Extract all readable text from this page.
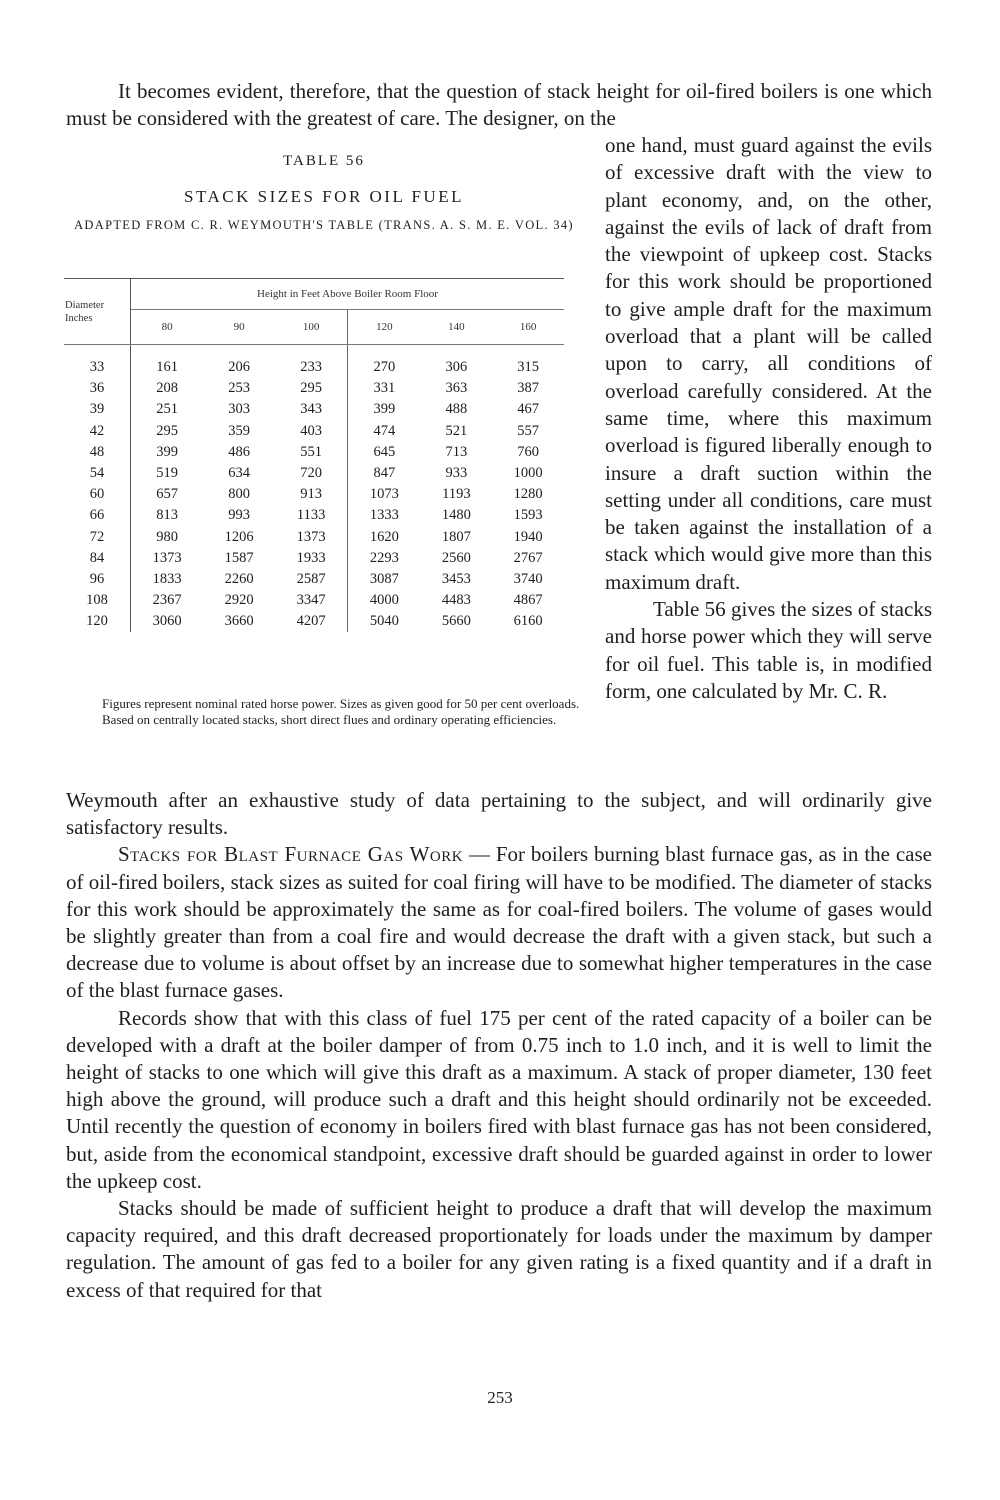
It becomes evident, therefore, that the question of stack height for oil-fired boilers is one which must be considered with the greatest of care. The designer, on the

one hand, must guard against the evils of excessive draft with the view to plant economy, and, on the other, against the evils of lack of draft from the viewpoint of upkeep cost. Stacks for this work should be proportioned to give ample draft for the maximum overload that a plant will be called upon to carry, all conditions of overload carefully considered. At the same time, where this maximum overload is figured liberally enough to insure a draft suction within the setting under all conditions, care must be taken against the installation of a stack which would give more than this maximum draft.
Table 56 gives the sizes of stacks and horse power which they will serve for oil fuel. This table is, in modified form, one calculated by Mr. C. R.

TABLE 56

STACK SIZES FOR OIL FUEL

ADAPTED FROM C. R. WEYMOUTH'S TABLE (TRANS. A. S. M. E. VOL. 34)

Diameter Inches	Height in Feet Above Boiler Room Floor					
	80	90	100	120	140	160
33	161	206	233	270	306	315
36	208	253	295	331	363	387
39	251	303	343	399	488	467
42	295	359	403	474	521	557
48	399	486	551	645	713	760
54	519	634	720	847	933	1000
60	657	800	913	1073	1193	1280
66	813	993	1133	1333	1480	1593
72	980	1206	1373	1620	1807	1940
84	1373	1587	1933	2293	2560	2767
96	1833	2260	2587	3087	3453	3740
108	2367	2920	3347	4000	4483	4867
120	3060	3660	4207	5040	5660	6160

Figures represent nominal rated horse power. Sizes as given good for 50 per cent overloads.

Based on centrally located stacks, short direct flues and ordinary operating efficiencies.

Weymouth after an exhaustive study of data pertaining to the subject, and will ordinarily give satisfactory results.

Stacks for Blast Furnace Gas Work — For boilers burning blast furnace gas, as in the case of oil-fired boilers, stack sizes as suited for coal firing will have to be modified. The diameter of stacks for this work should be approximately the same as for coal-fired boilers. The volume of gases would be slightly greater than from a coal fire and would decrease the draft with a given stack, but such a decrease due to volume is about offset by an increase due to somewhat higher temperatures in the case of the blast furnace gases.

Records show that with this class of fuel 175 per cent of the rated capacity of a boiler can be developed with a draft at the boiler damper of from 0.75 inch to 1.0 inch, and it is well to limit the height of stacks to one which will give this draft as a maximum. A stack of proper diameter, 130 feet high above the ground, will produce such a draft and this height should ordinarily not be exceeded. Until recently the question of economy in boilers fired with blast furnace gas has not been considered, but, aside from the economical standpoint, excessive draft should be guarded against in order to lower the upkeep cost.

Stacks should be made of sufficient height to produce a draft that will develop the maximum capacity required, and this draft decreased proportionately for loads under the maximum by damper regulation. The amount of gas fed to a boiler for any given rating is a fixed quantity and if a draft in excess of that required for that

253
